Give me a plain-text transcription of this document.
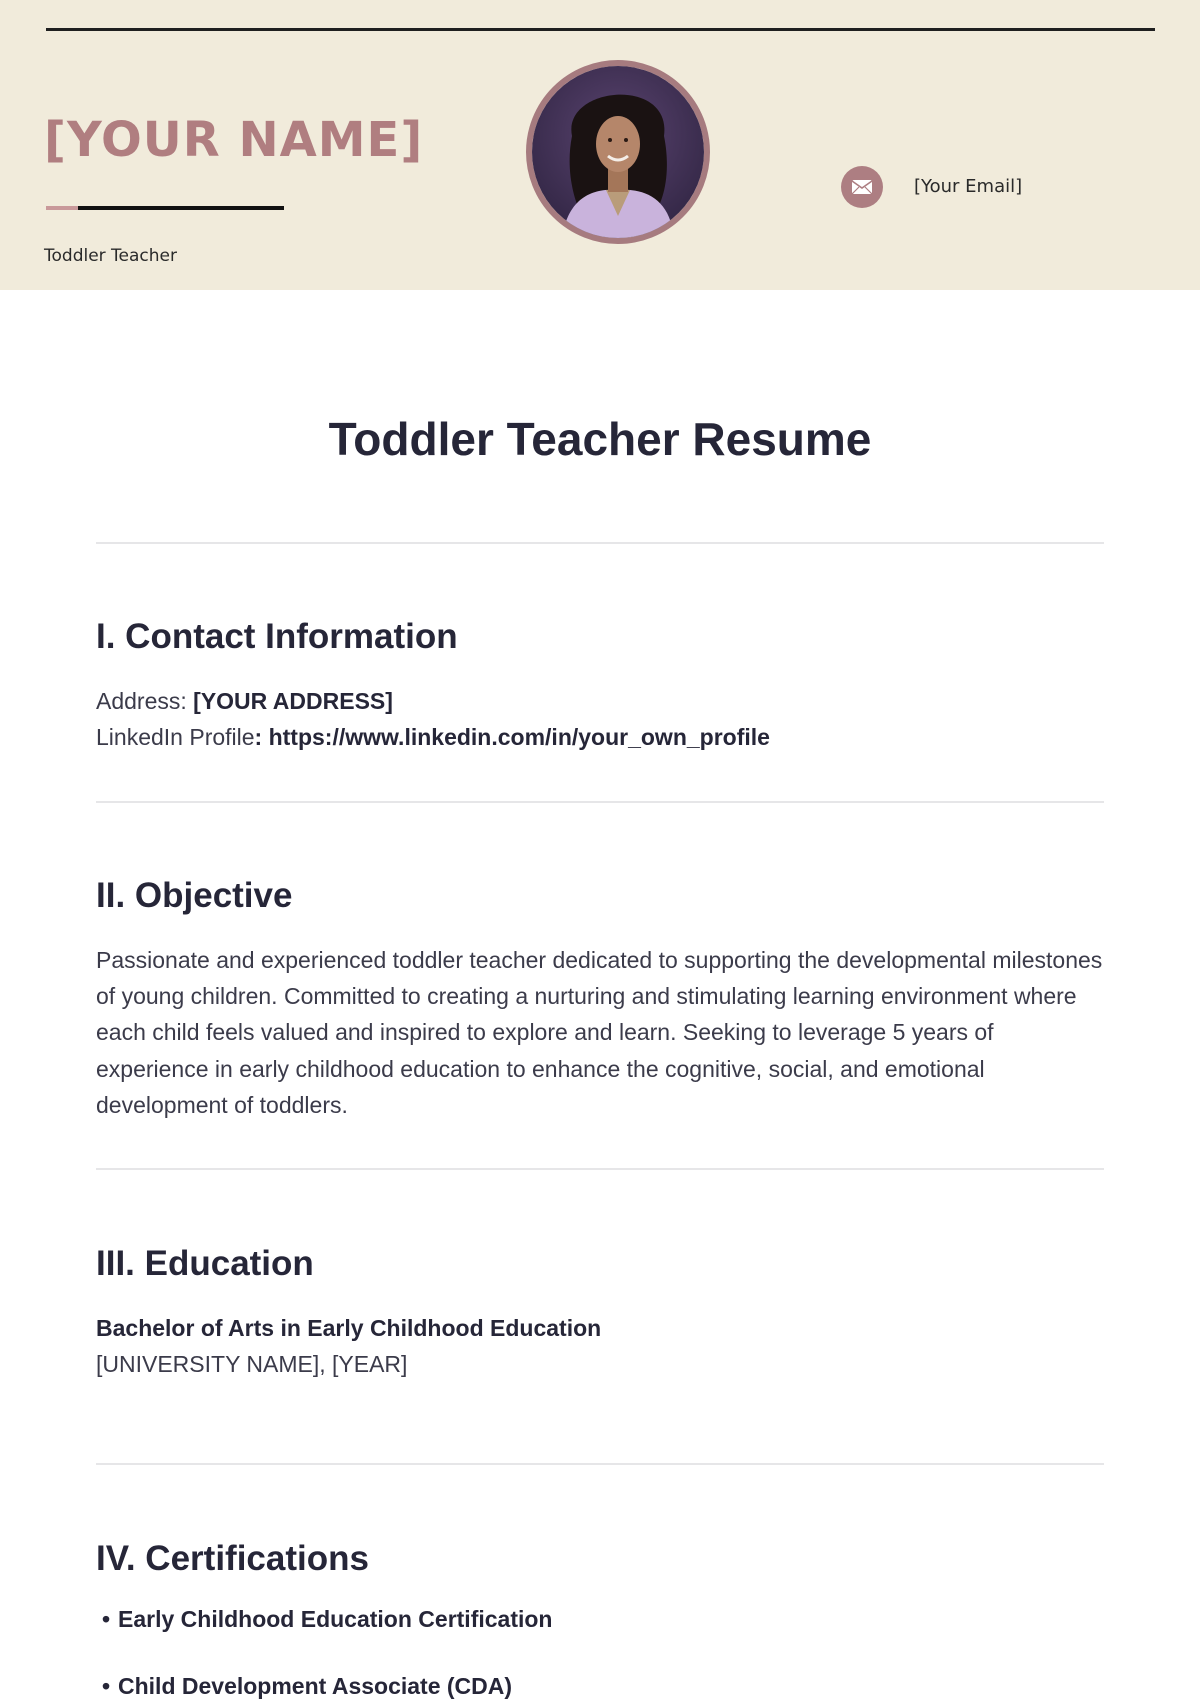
[YOUR NAME]
Toddler Teacher
[Your Email]
Toddler Teacher Resume
I. Contact Information
Address: [YOUR ADDRESS]
LinkedIn Profile: https://www.linkedin.com/in/your_own_profile
II. Objective

Passionate and experienced toddler teacher dedicated to supporting the developmental milestones of young children. Committed to creating a nurturing and stimulating learning environment where each child feels valued and inspired to explore and learn. Seeking to leverage 5 years of experience in early childhood education to enhance the cognitive, social, and emotional development of toddlers.

III. Education
Bachelor of Arts in Early Childhood Education
[UNIVERSITY NAME], [YEAR]
IV. Certifications
• Early Childhood Education Certification
• Child Development Associate (CDA)
